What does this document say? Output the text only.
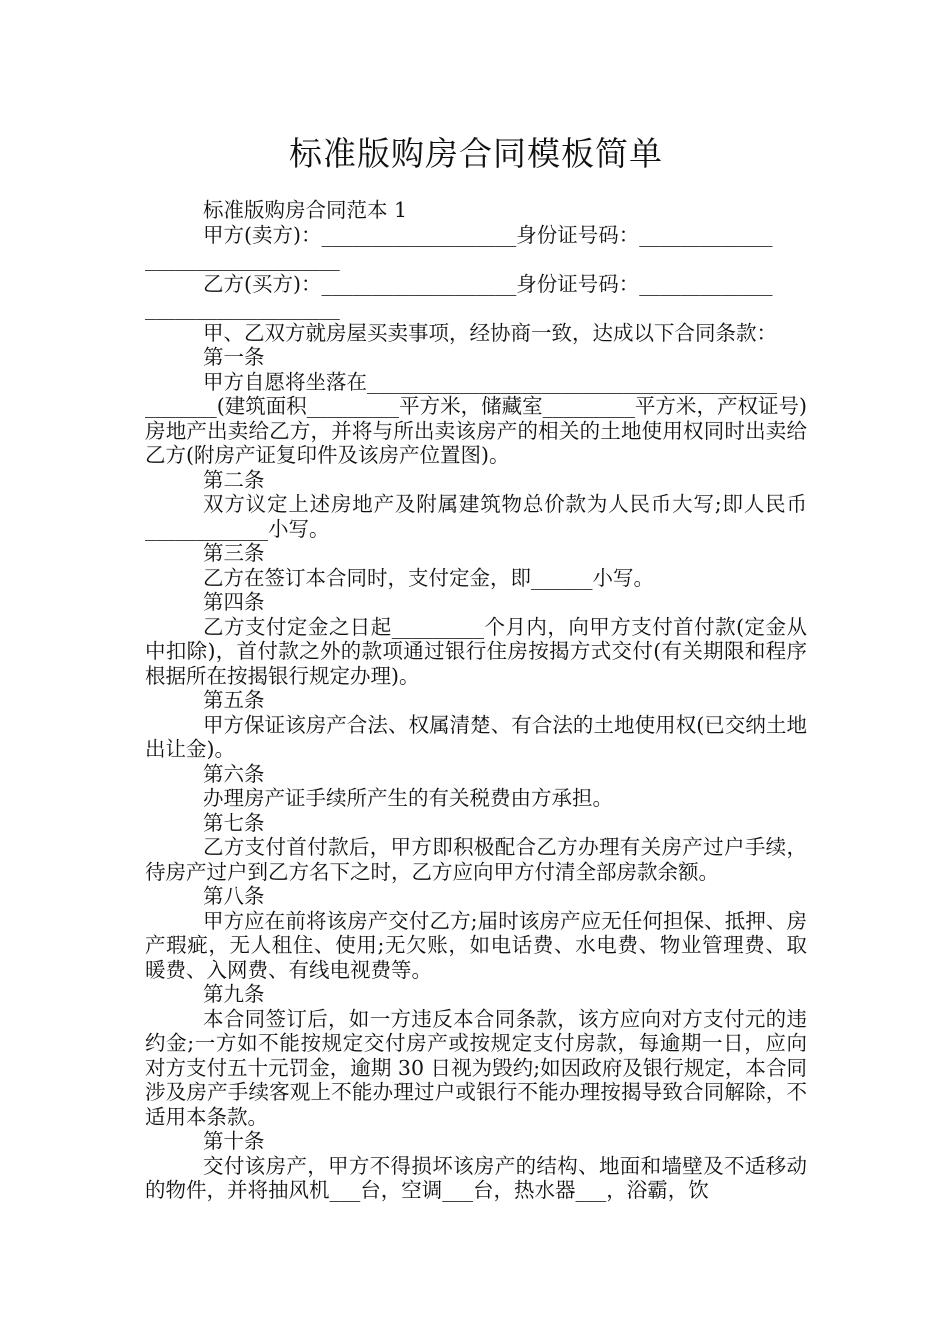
标准版购房合同模板简单
标准版购房合同范本 1
甲方(卖方)：___________________身份证号码：_____________
___________________
乙方(买方)：___________________身份证号码：_____________
___________________
甲、乙双方就房屋买卖事项，经协商一致，达成以下合同条款：
第一条
甲方自愿将坐落在________________________________________
_______(建筑面积_________平方米，储藏室_________平方米，产权证号)房地产出卖给乙方，并将与所出卖该房产的相关的土地使用权同时出卖给乙方(附房产证复印件及该房产位置图)。
第二条
双方议定上述房地产及附属建筑物总价款为人民币大写;即人民币____________小写。
第三条
乙方在签订本合同时，支付定金，即______小写。
第四条
乙方支付定金之日起_________个月内，向甲方支付首付款(定金从中扣除)，首付款之外的款项通过银行住房按揭方式交付(有关期限和程序根据所在按揭银行规定办理)。
第五条
甲方保证该房产合法、权属清楚、有合法的土地使用权(已交纳土地出让金)。
第六条
办理房产证手续所产生的有关税费由方承担。
第七条
乙方支付首付款后，甲方即积极配合乙方办理有关房产过户手续，待房产过户到乙方名下之时，乙方应向甲方付清全部房款余额。
第八条
甲方应在前将该房产交付乙方;届时该房产应无任何担保、抵押、房产瑕疵，无人租住、使用;无欠账，如电话费、水电费、物业管理费、取暖费、入网费、有线电视费等。
第九条
本合同签订后，如一方违反本合同条款，该方应向对方支付元的违约金;一方如不能按规定交付房产或按规定支付房款，每逾期一日，应向对方支付五十元罚金，逾期 30 日视为毁约;如因政府及银行规定，本合同涉及房产手续客观上不能办理过户或银行不能办理按揭导致合同解除，不适用本条款。
第十条
交付该房产，甲方不得损坏该房产的结构、地面和墙壁及不适移动的物件，并将抽风机___台，空调___台，热水器___，浴霸，饮
